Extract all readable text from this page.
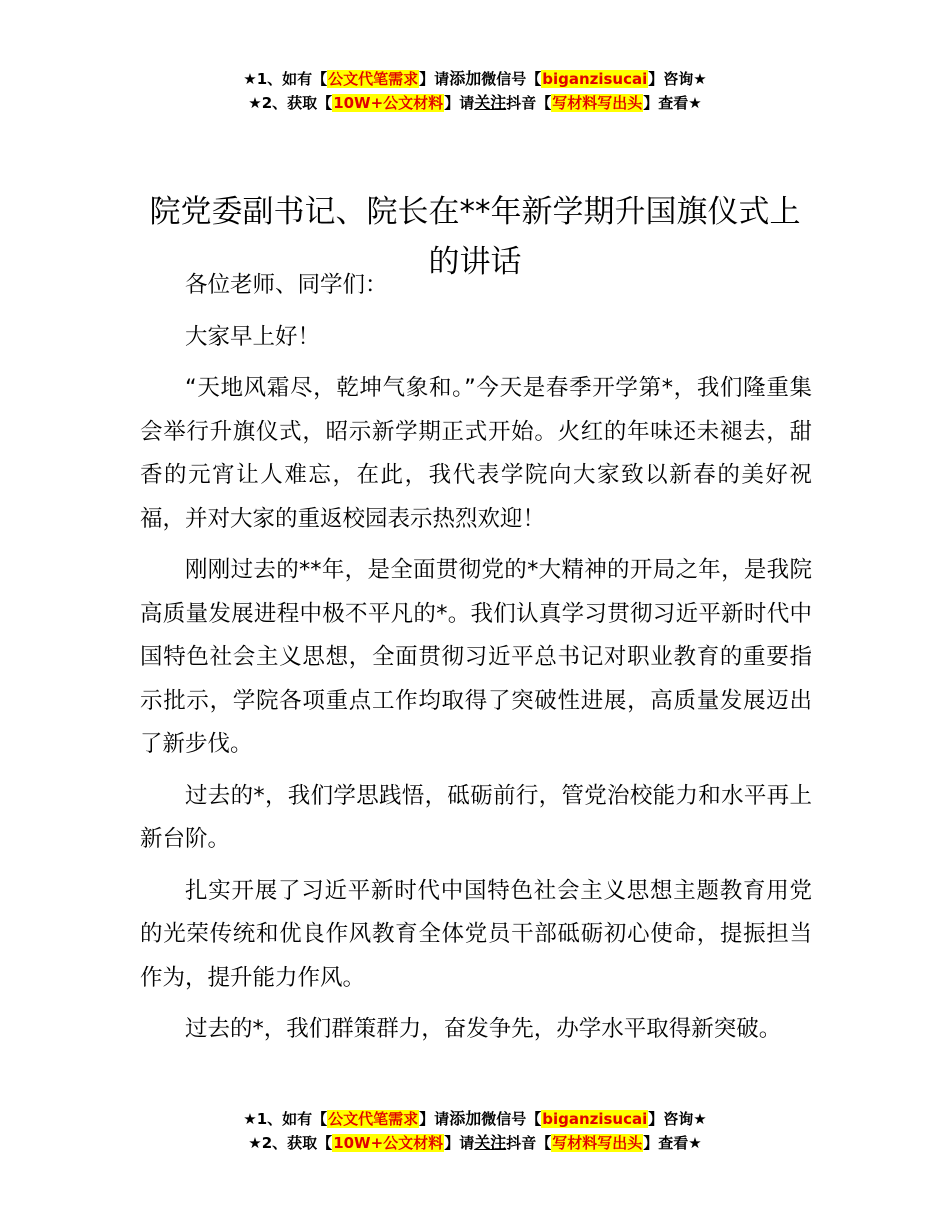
★1、如有【公文代笔需求】请添加微信号【biganzisucai】咨询★
★2、获取【10W+公文材料】请关注抖音【写材料写出头】查看★
院党委副书记、院长在**年新学期升国旗仪式上的讲话

各位老师、同学们：

大家早上好！

“天地风霜尽，乾坤气象和。”今天是春季开学第*，我们隆重集会举行升旗仪式，昭示新学期正式开始。火红的年味还未褪去，甜香的元宵让人难忘，在此，我代表学院向大家致以新春的美好祝福，并对大家的重返校园表示热烈欢迎！

刚刚过去的**年，是全面贯彻党的*大精神的开局之年，是我院高质量发展进程中极不平凡的*。我们认真学习贯彻习近平新时代中国特色社会主义思想，全面贯彻习近平总书记对职业教育的重要指示批示，学院各项重点工作均取得了突破性进展，高质量发展迈出了新步伐。

过去的*，我们学思践悟，砥砺前行，管党治校能力和水平再上新台阶。

扎实开展了习近平新时代中国特色社会主义思想主题教育用党的光荣传统和优良作风教育全体党员干部砥砺初心使命，提振担当作为，提升能力作风。

过去的*，我们群策群力，奋发争先，办学水平取得新突破。

★1、如有【公文代笔需求】请添加微信号【biganzisucai】咨询★
★2、获取【10W+公文材料】请关注抖音【写材料写出头】查看★
